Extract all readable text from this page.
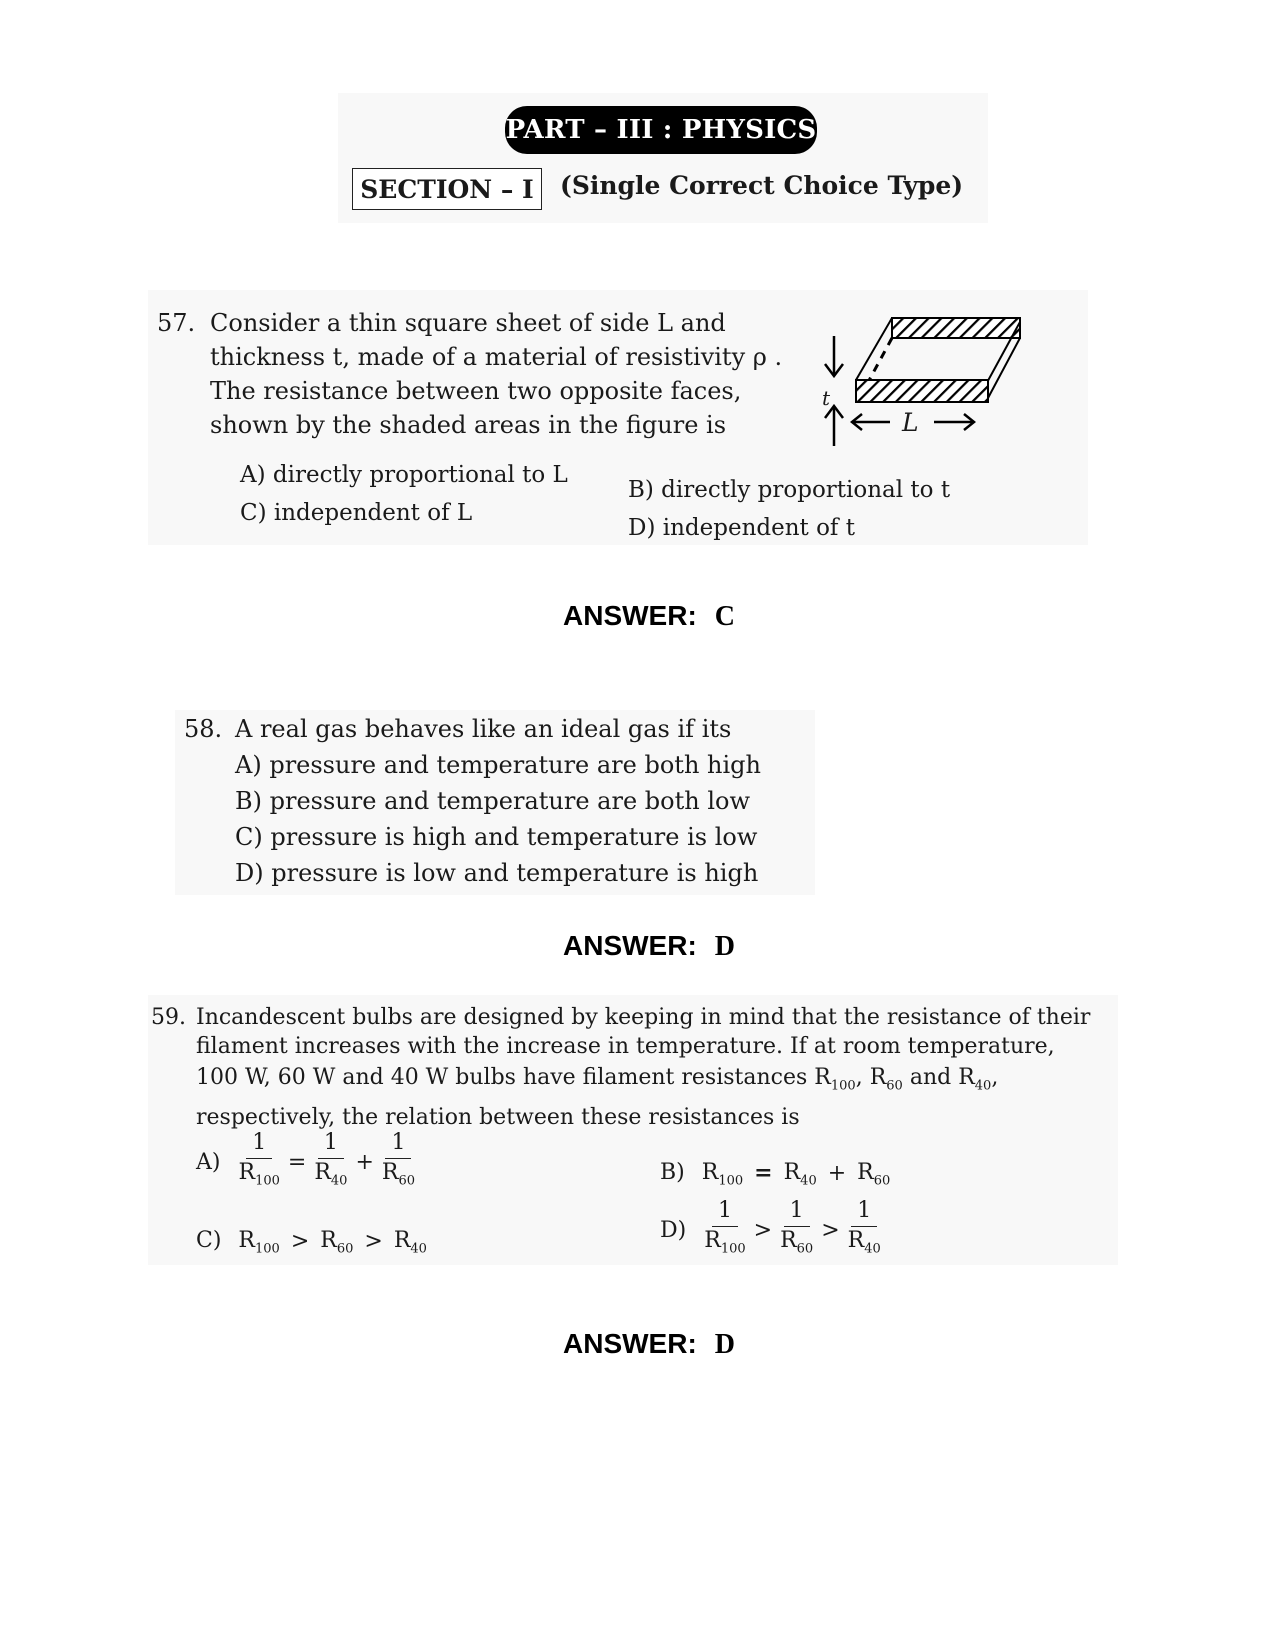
PART – III : PHYSICS
SECTION – I	(Single Correct Choice Type)
57. Consider a thin square sheet of side L and
thickness t, made of a material of resistivity ρ .
The resistance between two opposite faces,
shown by the shaded areas in the figure is
t
L
A) directly proportional to L
C) independent of L
B) directly proportional to t
D) independent of t
ANSWER: C
58. A real gas behaves like an ideal gas if its
A) pressure and temperature are both high
B) pressure and temperature are both low
C) pressure is high and temperature is low
D) pressure is low and temperature is high
ANSWER: D
59. Incandescent bulbs are designed by keeping in mind that the resistance of their
filament increases with the increase in temperature. If at room temperature,
100 W, 60 W and 40 W bulbs have filament resistances $R_{100}$, $R_{60}$ and $R_{40}$,
respectively, the relation between these resistances is
$A) \frac{1}{R_{100}} = \frac{1}{R_{40}} + \frac{1}{R_{60}}$	B) $R_{100} = R_{40} + R_{60}$
C) $R_{100} > R_{60} > R_{40}$
$D) \frac{1}{R_{100}} > \frac{1}{R_{60}} > \frac{1}{R_{40}}$
ANSWER: D
